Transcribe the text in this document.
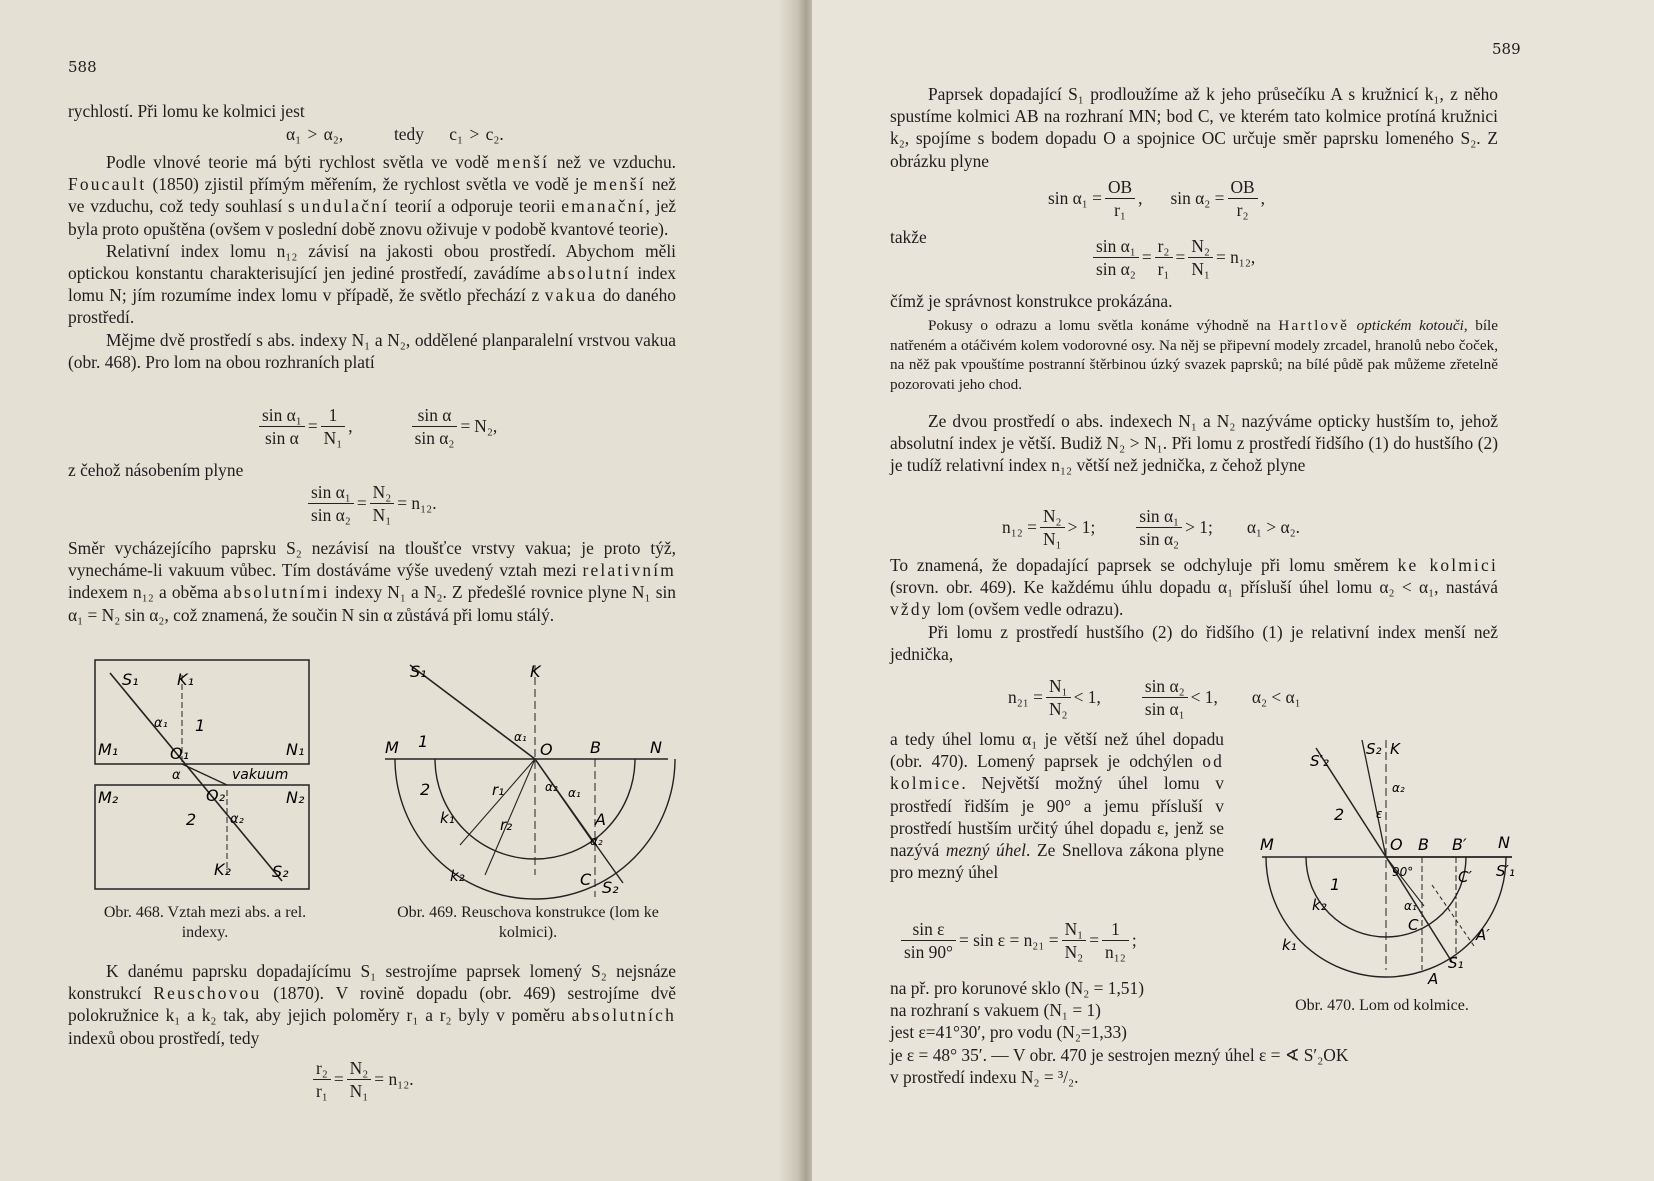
588

rychlostí. Při lomu ke kolmici jest

α₁ > α₂,        tedy    c₁ > c₂.

Podle vlnové teorie má býti rychlost světla ve vodě menší než ve vzduchu. Foucault (1850) zjistil přímým měřením, že rychlost světla ve vodě je menší než ve vzduchu, což tedy souhlasí s undulační teorií a odporuje teorii emanační, jež byla proto opuštěna (ovšem v poslední době znovu oživuje v podobě kvantové teorie).

Relativní index lomu n₁₂ závisí na jakosti obou prostředí. Abychom měli optickou konstantu charakterisující jen jediné prostředí, zavádíme absolutní index lomu N; jím rozumíme index lomu v případě, že světlo přechází z vakua do daného prostředí.

Mějme dvě prostředí s abs. indexy N₁ a N₂, oddělené planparalelní vrstvou vakua (obr. 468). Pro lom na obou rozhraních platí

$\frac{\text{sin α₁}}{\text{sin α}} = \frac{1}{\text{N₁}}$ ,	$\frac{\text{sin α}}{\text{sin α₂}} = N_2$,
z čehož násobením plyne
$\frac{\text{sin α₁}}{\text{sin α₂}} = \frac{\text{N₂}}{\text{N₁}} = n_{12}$.

Směr vycházejícího paprsku S₂ nezávisí na tloušťce vrstvy vakua; je proto týž, vynecháme-li vakuum vůbec. Tím dostáváme výše uvedený vztah mezi relativním indexem n₁₂ a oběma absolutními indexy N₁ a N₂. Z předešlé rovnice plyne N₁ sin α₁ = N₂ sin α₂, což znamená, že součin N sin α zůstává při lomu stálý.

S₁ K₁
α₁ 1
M₁	O₁	N₁
α	vakuum
M₂	O₂	N₂
2	α₂
K₂	S₂
Obr. 468. Vztah mezi abs. a rel. indexy.
S₁	K
M 1	O B	N
α₁
α₁
2	r₁	α₂
k₁	r₂	A
α₂
k₂	C S₂
Obr. 469. Reuschova konstrukce (lom ke kolmici).

K danému paprsku dopadajícímu S₁ sestrojíme paprsek lomený S₂ nejsnáze konstrukcí Reuschovou (1870). V rovině dopadu (obr. 469) sestrojíme dvě polokružnice k₁ a k₂ tak, aby jejich poloměry r₁ a r₂ byly v poměru absolutních indexů obou prostředí, tedy

$\frac{\text{r₂}}{\text{r₁}} = \frac{\text{N₂}}{\text{N₁}} = n_{12}$.
589

Paprsek dopadající S₁ prodloužíme až k jeho průsečíku A s kružnicí k₁, z něho spustíme kolmici AB na rozhraní MN; bod C, ve kterém tato kolmice protíná kružnici k₂, spojíme s bodem dopadu O a spojnice OC určuje směr paprsku lomeného S₂. Z obrázku plyne

$\sin \alpha_1 = \frac{OB}{\text{r₁}}$ , $\sin \alpha_2 = \frac{OB}{\text{r₂}}$ ,
takže	$\frac{\text{sin α₁}}{\text{sin α₂}} = \frac{\text{r₂}}{\text{r₁}} = \frac{\text{N₂}}{\text{N₁}} = n_{12}$,
čímž je správnost konstrukce prokázána.

Pokusy o odrazu a lomu světla konáme výhodně na Hartlově optickém kotouči, bíle natřeném a otáčivém kolem vodorovné osy. Na něj se připevní modely zrcadel, hranolů nebo čoček, na něž pak vpouštíme postranní štěrbinou úzký svazek paprsků; na bílé půdě pak můžeme zřetelně pozorovati jeho chod.

Ze dvou prostředí o abs. indexech N₁ a N₂ nazýváme opticky hustším to, jehož absolutní index je větší. Budiž N₂ > N₁. Při lomu z prostředí řidšího (1) do hustšího (2) je tudíž relativní index n₁₂ větší než jednička, z čehož plyne

$n_{12} = \frac{\text{N₂}}{\text{N₁}} > 1$; $\frac{\text{sin α₁}}{\text{sin α₂}} > 1$; α₁ > α₂.

To znamená, že dopadající paprsek se odchyluje při lomu směrem ke kolmici (srovn. obr. 469). Ke každému úhlu dopadu α₁ přísluší úhel lomu α₂ < α₁, nastává vždy lom (ovšem vedle odrazu).

Při lomu z prostředí hustšího (2) do řidšího (1) je relativní index menší než jednička,

$n_{21} = \frac{\text{N₁}}{\text{N₂}} < 1$, $\frac{\text{sin α₂}}{\text{sin α₁}} < 1$, α₂ < α₁

a tedy úhel lomu α₁ je větší než úhel dopadu (obr. 470). Lomený paprsek je odchýlen od kolmice. Největší možný úhel lomu v prostředí řidším je 90° a jemu přísluší v prostředí hustším určitý úhel dopadu ε, jenž se nazývá mezný úhel. Ze Snellova zákona plyne pro mezný úhel

$\frac{\text{sin ε}}{\sin 90^\circ} = \sin \varepsilon = n_{21} = \frac{\text{N₁}}{\text{N₂}} = \frac{1}{\text{n₁₂}}$ ;

na př. pro korunové sklo (N₂ = 1,51)

na rozhraní s vakuem (N₁ = 1)

jest ε=41°30′, pro vodu (N₂=1,33)

je ε = 48° 35′. — V obr. 470 je sestrojen mezný úhel ε = ∢ S′₂OK

v prostředí indexu N₂ = ³/₂.

S₂ K
S′₂
α₂
ε
2
M	O B B′ N
S′₁
90°
1	C′
k₂	α₁
C
A′
k₁
S₁
A
Obr. 470. Lom od kolmice.
